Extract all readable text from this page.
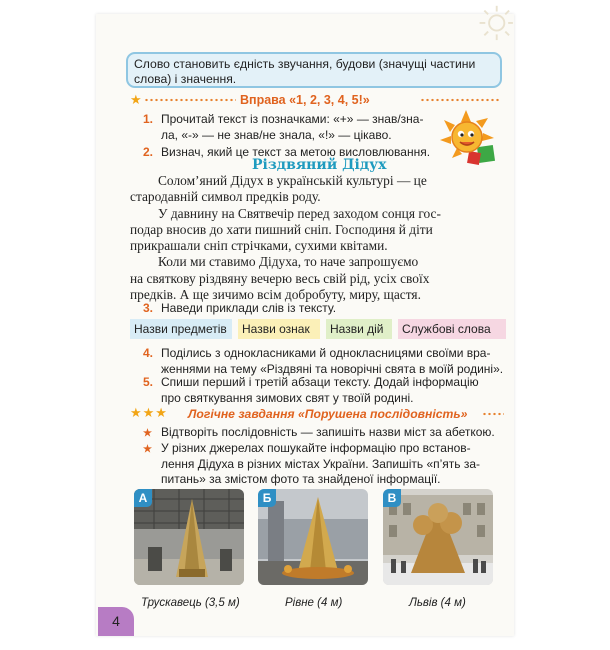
Слово становить єдність звучання, будови (значущі частини
слова) і значення.
★	Вправа «1, 2, 3, 4, 5!»
1. Прочитай текст із позначками: «+» — знав/зна-
ла, «-» — не знав/не знала, «!» — цікаво.
2. Визнач, який це текст за метою висловлювання.
Різдвяний Дідух
Солом’яний Дідух в українській культурі — це
стародавній символ предків роду.
У давнину на Святвечір перед заходом сонця гос-
подар вносив до хати пишний сніп. Господиня й діти
прикрашали сніп стрічками, сухими квітами.
Коли ми ставимо Дідуха, то наче запрошуємо
на святкову різдвяну вечерю весь свій рід, усіх своїх
предків. А ще зичимо всім добробуту, миру, щастя.
3. Наведи приклади слів із тексту.
Назви предметів	Назви ознак	Назви дій	Службові слова
4. Поділись з однокласниками й однокласницями своїми вра-
женнями на тему «Різдвяні та новорічні свята в моїй родині».
5. Спиши перший і третій абзаци тексту. Додай інформацію
про святкування зимових свят у твоїй родині.
★★★ Логічне завдання «Порушена послідовність»
★ Відтворіть послідовність — запишіть назви міст за абеткою.
★ У різних джерелах пошукайте інформацію про встанов-
лення Дідуха в різних містах України. Запишіть «п’ять за-
питань» за змістом фото та знайденої інформації.
А	Б	В
Трускавець (3,5 м)	Рівне (4 м)	Львів (4 м)
4
